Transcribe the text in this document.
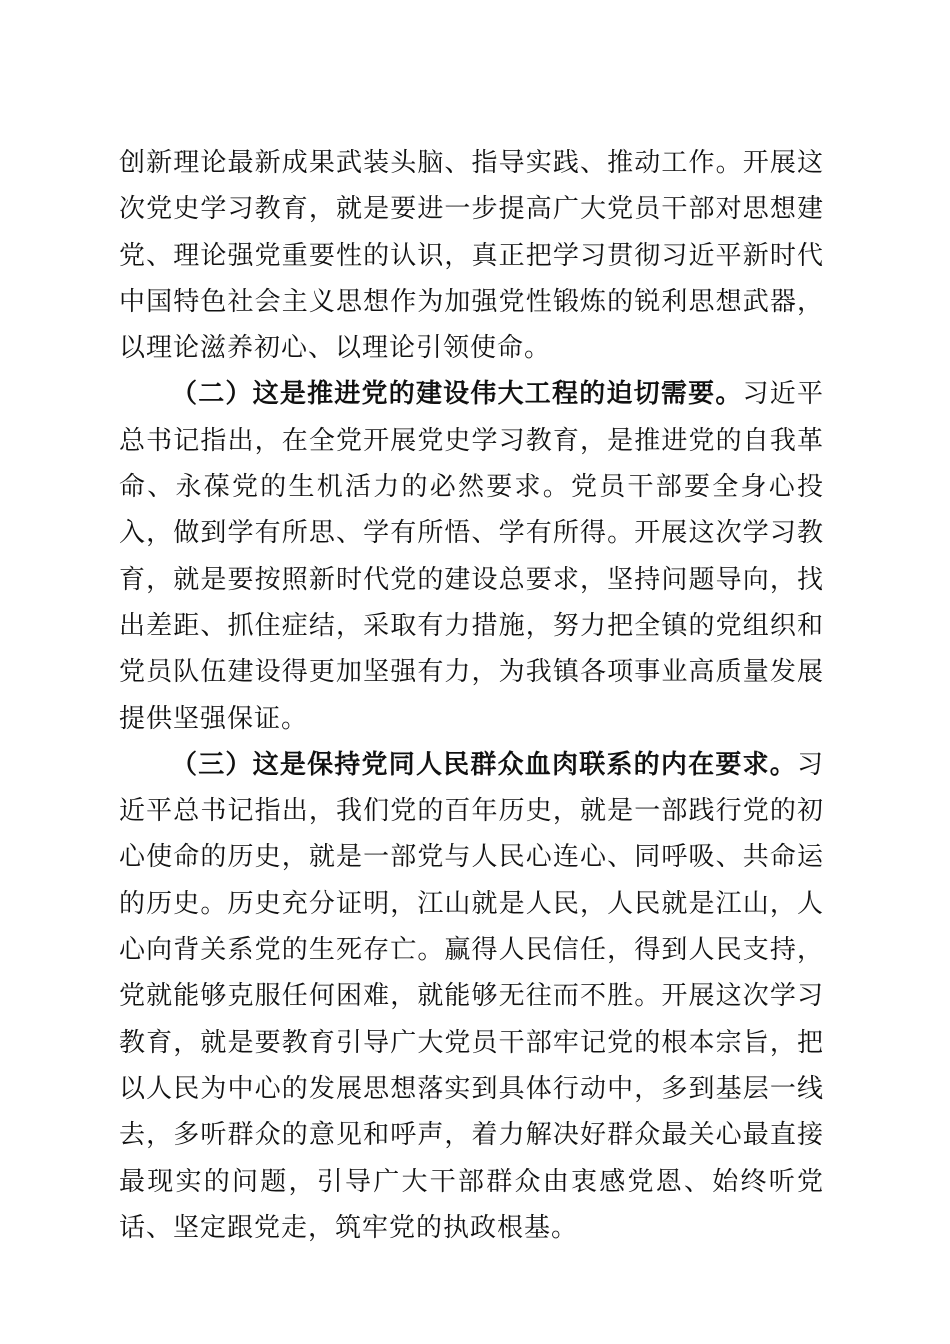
创新理论最新成果武装头脑、指导实践、推动工作。开展这次党史学习教育，就是要进一步提高广大党员干部对思想建党、理论强党重要性的认识，真正把学习贯彻习近平新时代中国特色社会主义思想作为加强党性锻炼的锐利思想武器，以理论滋养初心、以理论引领使命。

（二）这是推进党的建设伟大工程的迫切需要。习近平总书记指出，在全党开展党史学习教育，是推进党的自我革命、永葆党的生机活力的必然要求。党员干部要全身心投入，做到学有所思、学有所悟、学有所得。开展这次学习教育，就是要按照新时代党的建设总要求，坚持问题导向，找出差距、抓住症结，采取有力措施，努力把全镇的党组织和党员队伍建设得更加坚强有力，为我镇各项事业高质量发展提供坚强保证。

（三）这是保持党同人民群众血肉联系的内在要求。习近平总书记指出，我们党的百年历史，就是一部践行党的初心使命的历史，就是一部党与人民心连心、同呼吸、共命运的历史。历史充分证明，江山就是人民，人民就是江山，人心向背关系党的生死存亡。赢得人民信任，得到人民支持，党就能够克服任何困难，就能够无往而不胜。开展这次学习教育，就是要教育引导广大党员干部牢记党的根本宗旨，把以人民为中心的发展思想落实到具体行动中，多到基层一线去，多听群众的意见和呼声，着力解决好群众最关心最直接最现实的问题，引导广大干部群众由衷感党恩、始终听党话、坚定跟党走，筑牢党的执政根基。
